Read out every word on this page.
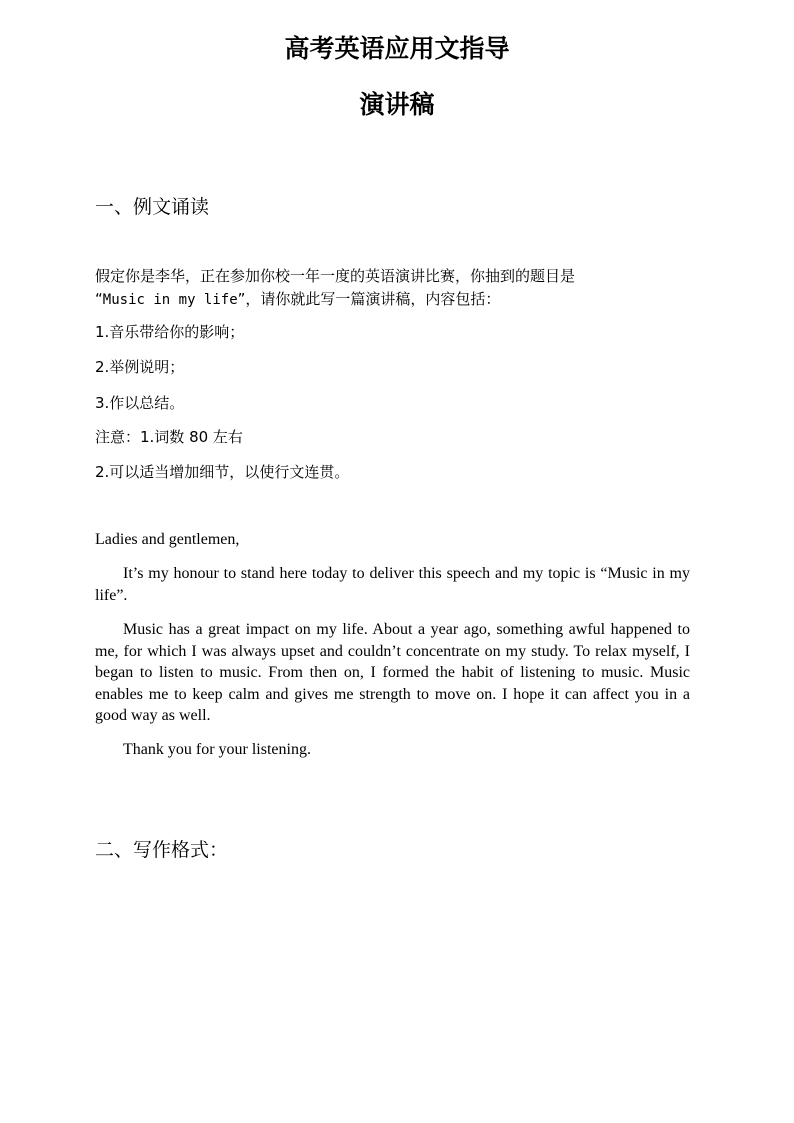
高考英语应用文指导
演讲稿
一、例文诵读
假定你是李华，正在参加你校一年一度的英语演讲比赛，你抽到的题目是
“Music in my life”，请你就此写一篇演讲稿，内容包括：
1.音乐带给你的影响；
2.举例说明；
3.作以总结。
注意：1.词数 80 左右
2.可以适当增加细节，以使行文连贯。
Ladies and gentlemen,
It’s my honour to stand here today to deliver this speech and my topic is “Music in my life”.
Music has a great impact on my life. About a year ago, something awful happened to me, for which I was always upset and couldn’t concentrate on my study. To relax myself, I began to listen to music. From then on, I formed the habit of listening to music. Music enables me to keep calm and gives me strength to move on. I hope it can affect you in a good way as well.
Thank you for your listening.
二、写作格式：
